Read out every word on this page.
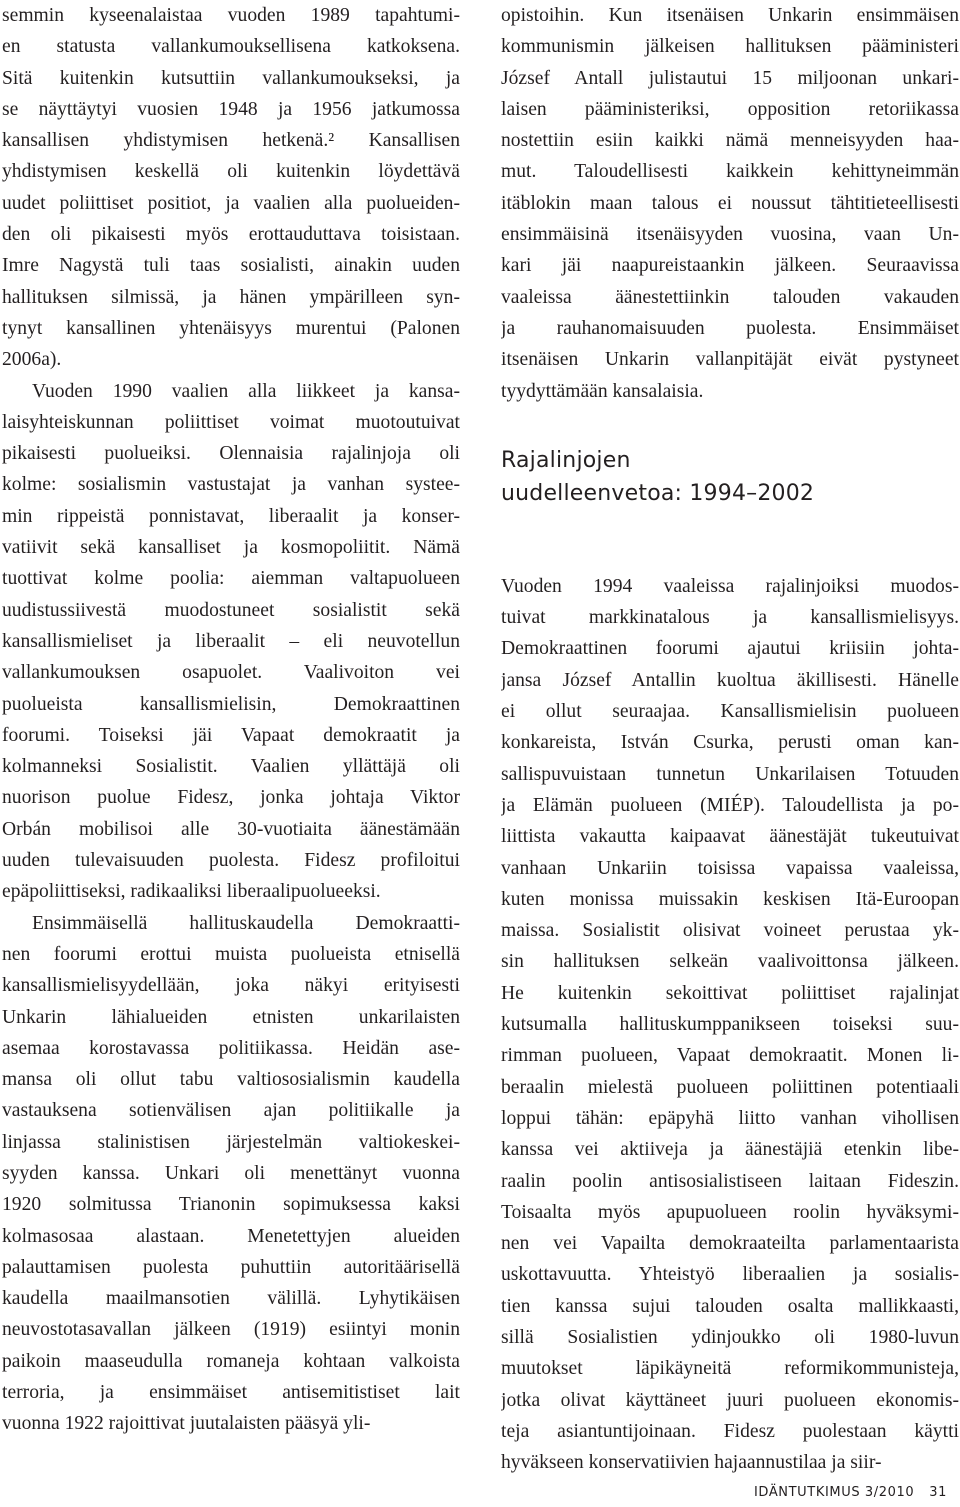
semmin kyseenalaistaa vuoden 1989 tapahtumi-
en statusta vallankumouksellisena katkoksena.
Sitä kuitenkin kutsuttiin vallankumoukseksi, ja
se näyttäytyi vuosien 1948 ja 1956 jatkumossa
kansallisen yhdistymisen hetkenä.² Kansallisen
yhdistymisen keskellä oli kuitenkin löydettävä
uudet poliittiset positiot, ja vaalien alla puolueiden-
den oli pikaisesti myös erottauduttava toisistaan.
Imre Nagystä tuli taas sosialisti, ainakin uuden
hallituksen silmissä, ja hänen ympärilleen syn-
tynyt kansallinen yhtenäisyys murentui (Palonen
2006a).
Vuoden 1990 vaalien alla liikkeet ja kansa-
laisyhteiskunnan poliittiset voimat muotoutuivat
pikaisesti puolueiksi. Olennaisia rajalinjoja oli
kolme: sosialismin vastustajat ja vanhan systee-
min rippeistä ponnistavat, liberaalit ja konser-
vatiivit sekä kansalliset ja kosmopoliitit. Nämä
tuottivat kolme poolia: aiemman valtapuolueen
uudistussiivestä muodostuneet sosialistit sekä
kansallismieliset ja liberaalit – eli neuvotellun
vallankumouksen osapuolet. Vaalivoiton vei
puolueista kansallismielisin, Demokraattinen
foorumi. Toiseksi jäi Vapaat demokraatit ja
kolmanneksi Sosialistit. Vaalien yllättäjä oli
nuorison puolue Fidesz, jonka johtaja Viktor
Orbán mobilisoi alle 30-vuotiaita äänestämään
uuden tulevaisuuden puolesta. Fidesz profiloitui
epäpoliittiseksi, radikaaliksi liberaalipuolueeksi.
Ensimmäisellä hallituskaudella Demokraatti-
nen foorumi erottui muista puolueista etnisellä
kansallismielisyydellään, joka näkyi erityisesti
Unkarin lähialueiden etnisten unkarilaisten
asemaa korostavassa politiikassa. Heidän ase-
mansa oli ollut tabu valtiososialismin kaudella
vastauksena sotienvälisen ajan politiikalle ja
linjassa stalinistisen järjestelmän valtiokeskei-
syyden kanssa. Unkari oli menettänyt vuonna
1920 solmitussa Trianonin sopimuksessa kaksi
kolmasosaa alastaan. Menetettyjen alueiden
palauttamisen puolesta puhuttiin autoritäärisellä
kaudella maailmansotien välillä. Lyhytikäisen
neuvostotasavallan jälkeen (1919) esiintyi monin
paikoin maaseudulla romaneja kohtaan valkoista
terroria, ja ensimmäiset antisemitistiset lait
vuonna 1922 rajoittivat juutalaisten pääsyä yli-
opistoihin. Kun itsenäisen Unkarin ensimmäisen
kommunismin jälkeisen hallituksen pääministeri
József Antall julistautui 15 miljoonan unkari-
laisen pääministeriksi, opposition retoriikassa
nostettiin esiin kaikki nämä menneisyyden haa-
mut. Taloudellisesti kaikkein kehittyneimmän
itäblokin maan talous ei noussut tähtitieteellisesti
ensimmäisinä itsenäisyyden vuosina, vaan Un-
kari jäi naapureistaankin jälkeen. Seuraavissa
vaaleissa äänestettiinkin talouden vakauden
ja rauhanomaisuuden puolesta. Ensimmäiset
itsenäisen Unkarin vallanpitäjät eivät pystyneet
tyydyttämään kansalaisia.
Rajalinjojen
uudelleenvetoa: 1994–2002
Vuoden 1994 vaaleissa rajalinjoiksi muodos-
tuivat markkinatalous ja kansallismielisyys.
Demokraattinen foorumi ajautui kriisiin johta-
jansa József Antallin kuoltua äkillisesti. Hänelle
ei ollut seuraajaa. Kansallismielisin puolueen
konkareista, István Csurka, perusti oman kan-
sallispuvuistaan tunnetun Unkarilaisen Totuuden
ja Elämän puolueen (MIÉP). Taloudellista ja po-
liittista vakautta kaipaavat äänestäjät tukeutuivat
vanhaan Unkariin toisissa vapaissa vaaleissa,
kuten monissa muissakin keskisen Itä-Euroopan
maissa. Sosialistit olisivat voineet perustaa yk-
sin hallituksen selkeän vaalivoittonsa jälkeen.
He kuitenkin sekoittivat poliittiset rajalinjat
kutsumalla hallituskumppanikseen toiseksi suu-
rimman puolueen, Vapaat demokraatit. Monen li-
beraalin mielestä puolueen poliittinen potentiaali
loppui tähän: epäpyhä liitto vanhan vihollisen
kanssa vei aktiiveja ja äänestäjiä etenkin libe-
raalin poolin antisosialistiseen laitaan Fideszin.
Toisaalta myös apupuolueen roolin hyväksymi-
nen vei Vapailta demokraateilta parlamentaarista
uskottavuutta. Yhteistyö liberaalien ja sosialis-
tien kanssa sujui talouden osalta mallikkaasti,
sillä Sosialistien ydinjoukko oli 1980-luvun
muutokset läpikäyneitä reformikommunisteja,
jotka olivat käyttäneet juuri puolueen ekonomis-
teja asiantuntijoinaan. Fidesz puolestaan käytti
hyväkseen konservatiivien hajaannustilaa ja siir-
IDÄNTUTKIMUS 3/2010 31
